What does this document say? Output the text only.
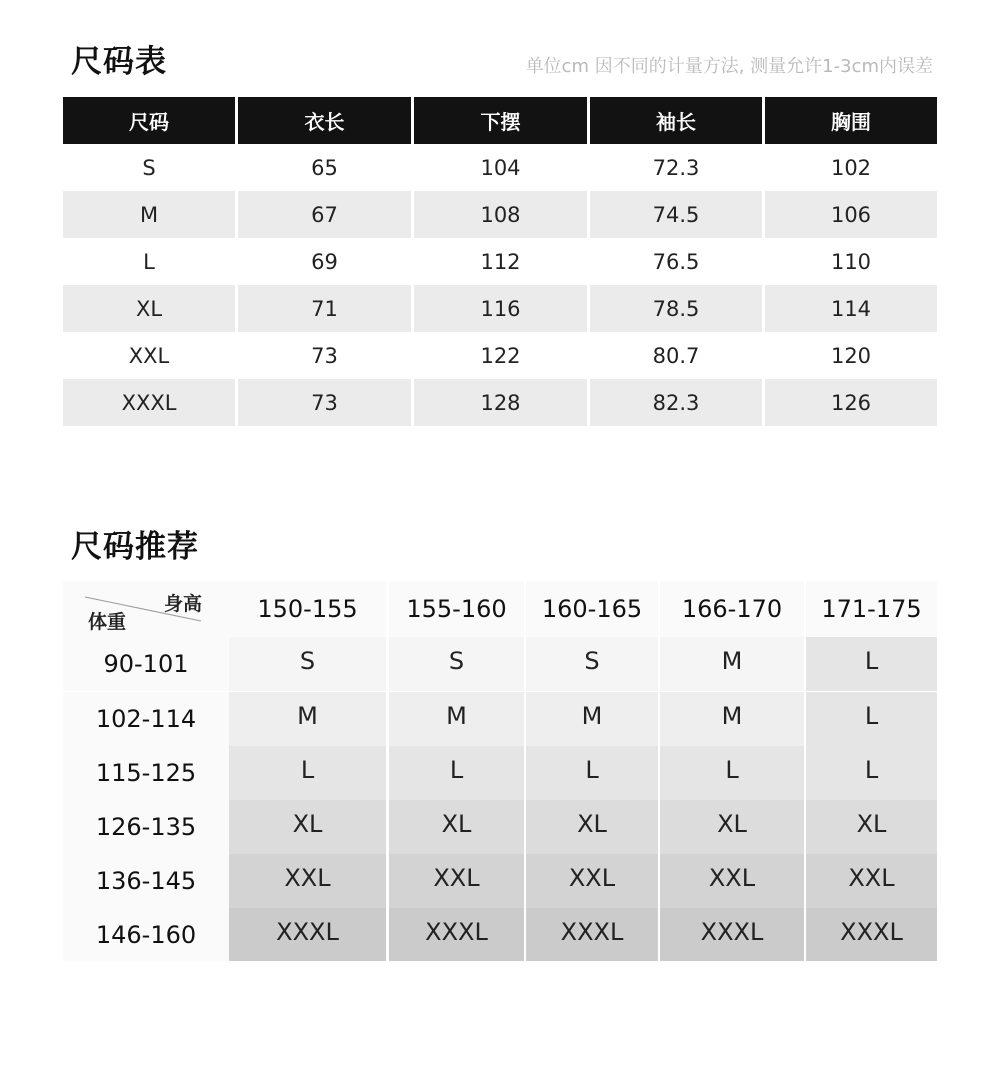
尺码表	单位cm 因不同的计量方法, 测量允许1-3cm内误差
尺码	衣长	下摆	袖长	胸围
S	65	104	72.3	102
M	67	108	74.5	106
L	69	112	76.5	110
XL	71	116	78.5	114
XXL	73	122	80.7	120
XXXL	73	128	82.3	126
尺码推荐
身高
体重	150-155	155-160	160-165	166-170	171-175
90-101	S	S	S	M	L
102-114	M	M	M	M	L
115-125	L	L	L	L	L
126-135	XL	XL	XL	XL	XL
136-145	XXL	XXL	XXL	XXL	XXL
146-160	XXXL	XXXL	XXXL	XXXL	XXXL
